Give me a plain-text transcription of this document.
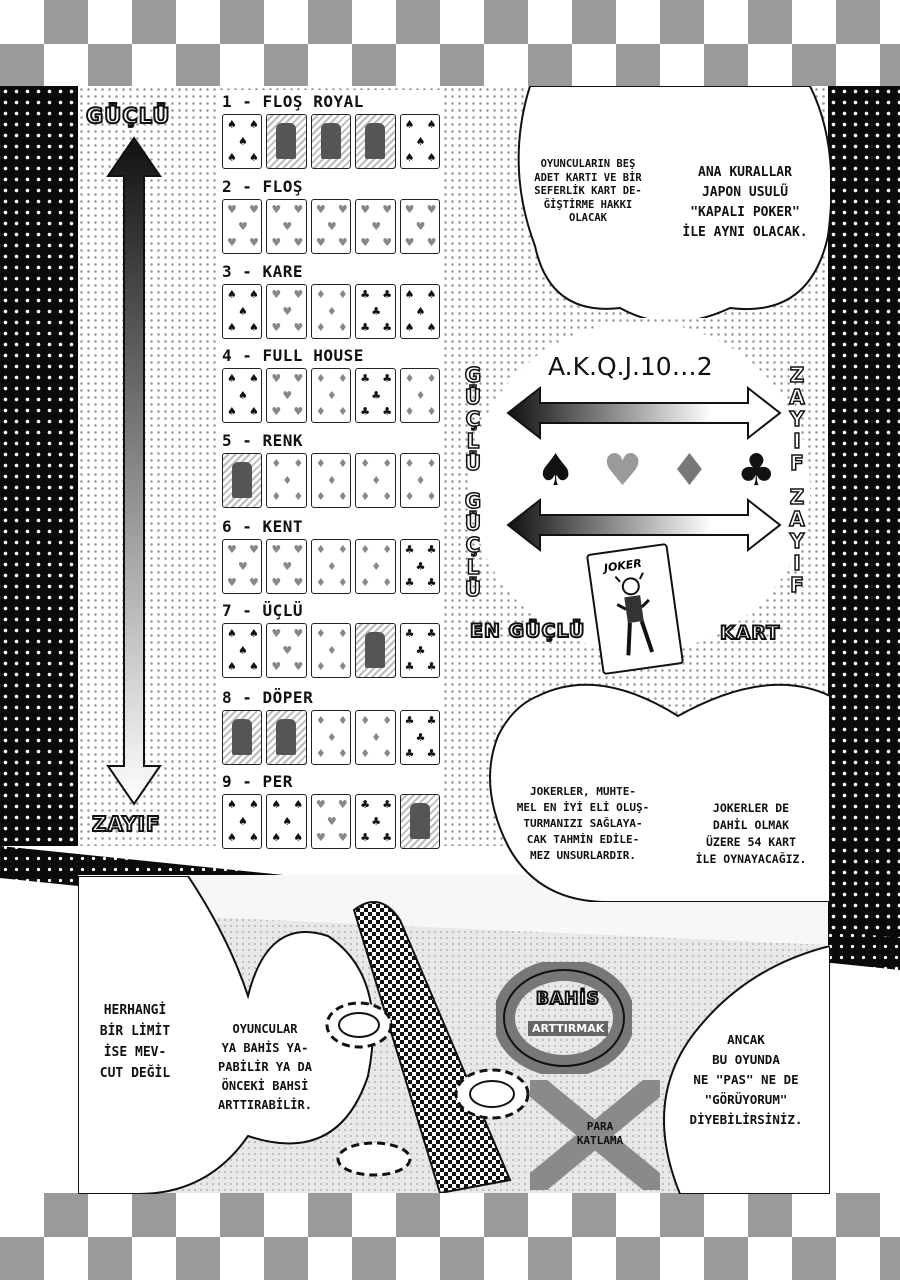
GÜÇLÜ
ZAYIF
1 - FLOŞ ROYAL
♠ ♠
♠
♠ ♠
♠ ♠
♠
♠ ♠
2 - FLOŞ
♥ ♥
♥
♥ ♥
♥ ♥
♥
♥ ♥
♥ ♥
♥
♥ ♥
♥ ♥
♥
♥ ♥
♥ ♥
♥
♥ ♥
3 - KARE
♠ ♠
♠
♠ ♠
♥ ♥
♥
♥ ♥
♦ ♦
♦
♦ ♦
♣ ♣
♣
♣ ♣
♠ ♠
♠
♠ ♠
4 - FULL HOUSE
♠ ♠
♠
♠ ♠
♥ ♥
♥
♥ ♥
♦ ♦
♦
♦ ♦
♣ ♣
♣
♣ ♣
♦ ♦
♦
♦ ♦
5 - RENK
♦ ♦
♦
♦ ♦
♦ ♦
♦
♦ ♦
♦ ♦
♦
♦ ♦
♦ ♦
♦
♦ ♦
6 - KENT
♥ ♥
♥
♥ ♥
♥ ♥
♥
♥ ♥
♦ ♦
♦
♦ ♦
♦ ♦
♦
♦ ♦
♣ ♣
♣
♣ ♣
7 - ÜÇLÜ
♠ ♠
♠
♠ ♠
♥ ♥
♥
♥ ♥
♦ ♦
♦
♦ ♦
♣ ♣
♣
♣ ♣
8 - DÖPER
♦ ♦
♦
♦ ♦
♦ ♦
♦
♦ ♦
♣ ♣
♣
♣ ♣
9 - PER
♠ ♠
♠
♠ ♠
♠ ♠
♠
♠ ♠
♥ ♥
♥
♥ ♥
♣ ♣
♣
♣ ♣
OYUNCULARIN BEŞ
ADET KARTI VE BİR
SEFERLİK KART DE-
ĞİŞTİRME HAKKI
OLACAK
ANA KURALLAR
JAPON USULÜ
"KAPALI POKER"
İLE AYNI OLACAK.
A.K.Q.J.10…2
♠ ♥ ♦ ♣
G
Ü
Ç
L
Ü
G
Ü
Ç
L
Ü
Z
A
Y
I
F
Z
A
Y
I
F
EN GÜÇLÜ	KART
JOKER
JOKERLER, MUHTE-
MEL EN İYİ ELİ OLUŞ-
TURMANIZI SAĞLAYA-
CAK TAHMİN EDİLE-
MEZ UNSURLARDIR.
JOKERLER DE
DAHİL OLMAK
ÜZERE 54 KART
İLE OYNAYACAĞIZ.
HERHANGİ
BİR LİMİT
İSE MEV-
CUT DEĞİL
OYUNCULAR
YA BAHİS YA-
PABİLİR YA DA
ÖNCEKİ BAHSİ
ARTTIRABİLİR.
BAHİS
ARTTIRMAK
PARA
KATLAMA
ANCAK
BU OYUNDA
NE "PAS" NE DE
"GÖRÜYORUM"
DİYEBİLİRSİNİZ.
